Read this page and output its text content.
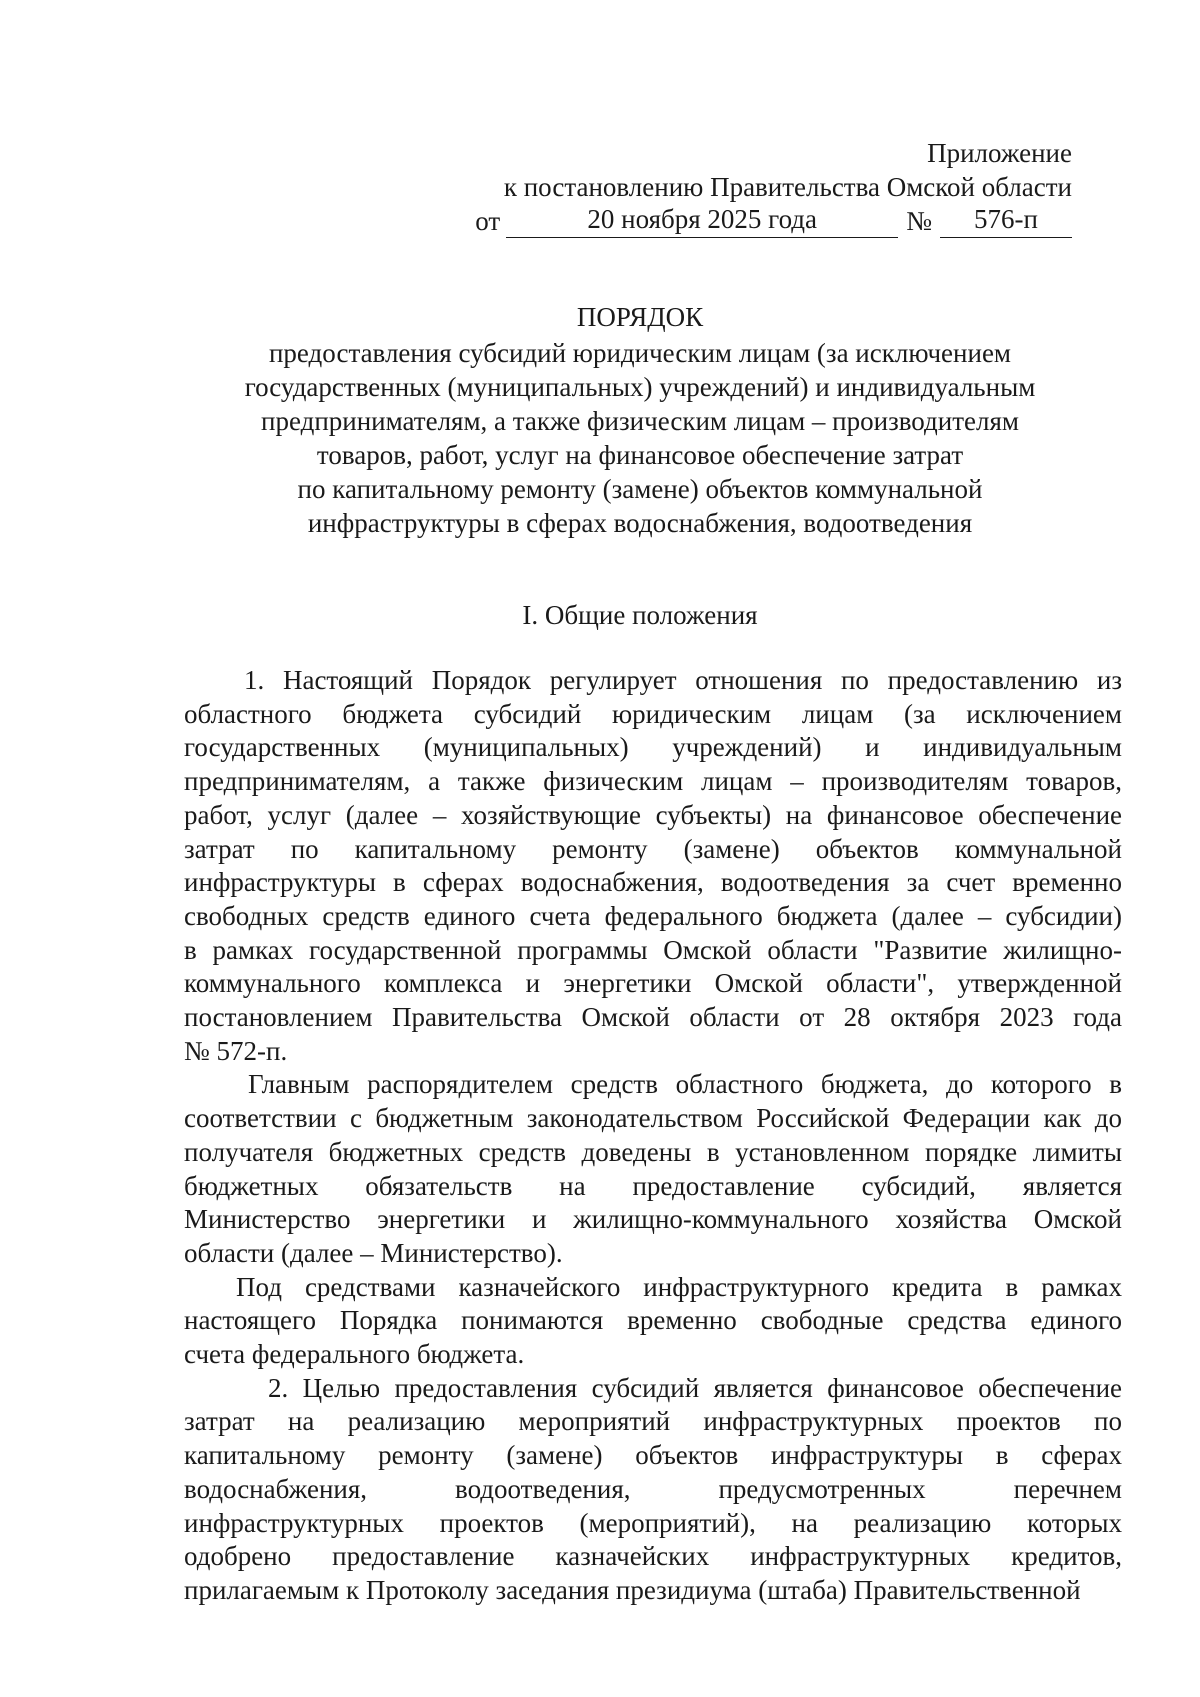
Приложение
к постановлению Правительства Омской области
от	20 ноября 2025 года	№	576-п
ПОРЯДОК
предоставления субсидий юридическим лицам (за исключением
государственных (муниципальных) учреждений) и индивидуальным
предпринимателям, а также физическим лицам – производителям
товаров, работ, услуг на финансовое обеспечение затрат
по капитальному ремонту (замене) объектов коммунальной
инфраструктуры в сферах водоснабжения, водоотведения
I. Общие положения
1. Настоящий Порядок регулирует отношения по предоставлению из
областного бюджета субсидий юридическим лицам (за исключением
государственных (муниципальных) учреждений) и индивидуальным
предпринимателям, а также физическим лицам – производителям товаров,
работ, услуг (далее – хозяйствующие субъекты) на финансовое обеспечение
затрат по капитальному ремонту (замене) объектов коммунальной
инфраструктуры в сферах водоснабжения, водоотведения за счет временно
свободных средств единого счета федерального бюджета (далее – субсидии)
в рамках государственной программы Омской области "Развитие жилищно-
коммунального комплекса и энергетики Омской области", утвержденной
постановлением Правительства Омской области от 28 октября 2023 года
№ 572-п.
Главным распорядителем средств областного бюджета, до которого в
соответствии с бюджетным законодательством Российской Федерации как до
получателя бюджетных средств доведены в установленном порядке лимиты
бюджетных обязательств на предоставление субсидий, является
Министерство энергетики и жилищно-коммунального хозяйства Омской
области (далее – Министерство).
Под средствами казначейского инфраструктурного кредита в рамках
настоящего Порядка понимаются временно свободные средства единого
счета федерального бюджета.
2. Целью предоставления субсидий является финансовое обеспечение
затрат на реализацию мероприятий инфраструктурных проектов по
капитальному ремонту (замене) объектов инфраструктуры в сферах
водоснабжения, водоотведения, предусмотренных перечнем
инфраструктурных проектов (мероприятий), на реализацию которых
одобрено предоставление казначейских инфраструктурных кредитов,
прилагаемым к Протоколу заседания президиума (штаба) Правительственной
